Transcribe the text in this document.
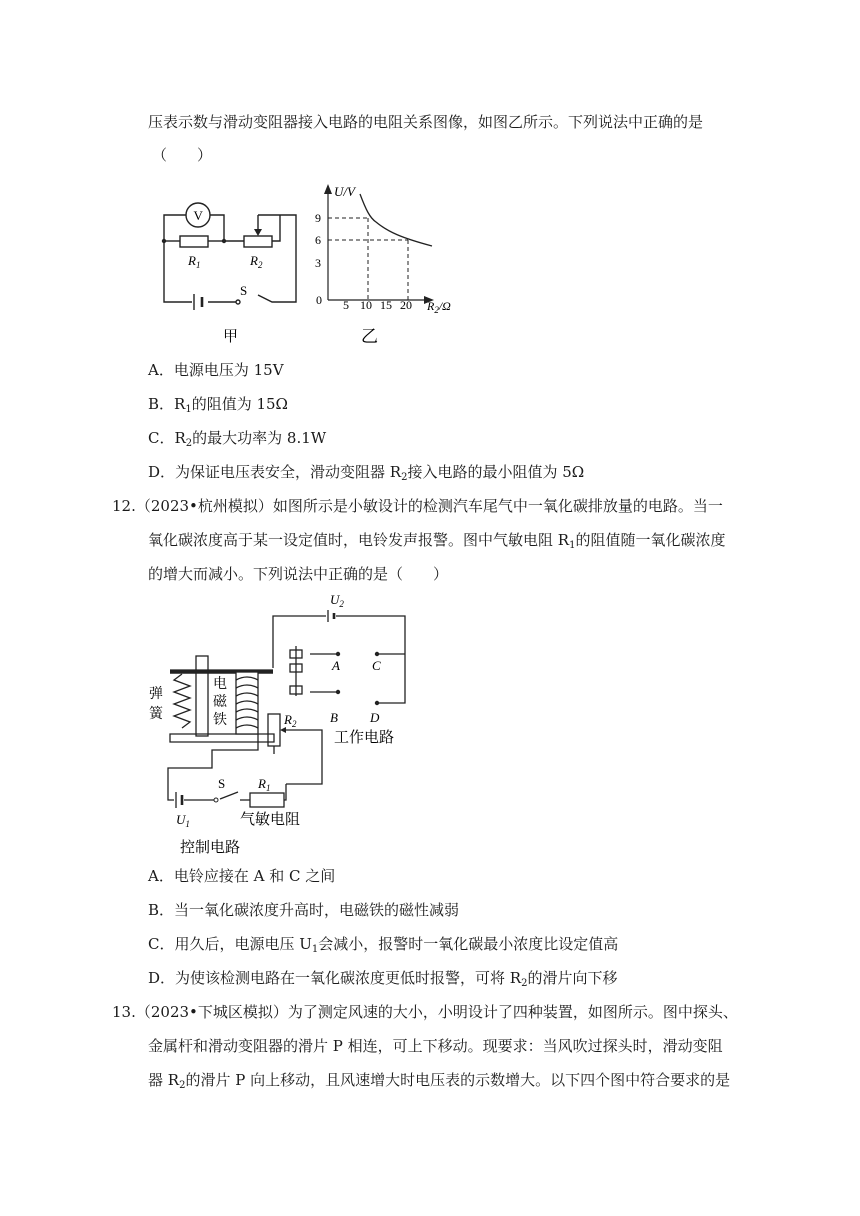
压表示数与滑动变阻器接入电路的电阻关系图像，如图乙所示。下列说法中正确的是
（　　）
V
$R_1$	$R_2$
S
甲
U/V
9
6
3
0 5 10 15 20 $R_2/\Omega$
乙
A．电源电压为 15V
B．$R_1$的阻值为 15Ω
C．$R_2$的最大功率为 8.1W
D．为保证电压表安全，滑动变阻器 $R_2$接入电路的最小阻值为 5Ω
12.（2023•杭州模拟）如图所示是小敏设计的检测汽车尾气中一氧化碳排放量的电路。当一
氧化碳浓度高于某一设定值时，电铃发声报警。图中气敏电阻 $R_1$的阻值随一氧化碳浓度
的增大而减小。下列说法中正确的是（　　）
$U_2$
A C
B D
弹
簧
电
磁
铁	$R_2$
工作电路
S	$R_1$
$U_1$	气敏电阻
控制电路
A．电铃应接在 A 和 C 之间
B．当一氧化碳浓度升高时，电磁铁的磁性减弱
C．用久后，电源电压 $U_1$会减小，报警时一氧化碳最小浓度比设定值高
D．为使该检测电路在一氧化碳浓度更低时报警，可将 $R_2$的滑片向下移
13.（2023•下城区模拟）为了测定风速的大小，小明设计了四种装置，如图所示。图中探头、
金属杆和滑动变阻器的滑片 P 相连，可上下移动。现要求：当风吹过探头时，滑动变阻
器 $R_2$的滑片 P 向上移动，且风速增大时电压表的示数增大。以下四个图中符合要求的是
